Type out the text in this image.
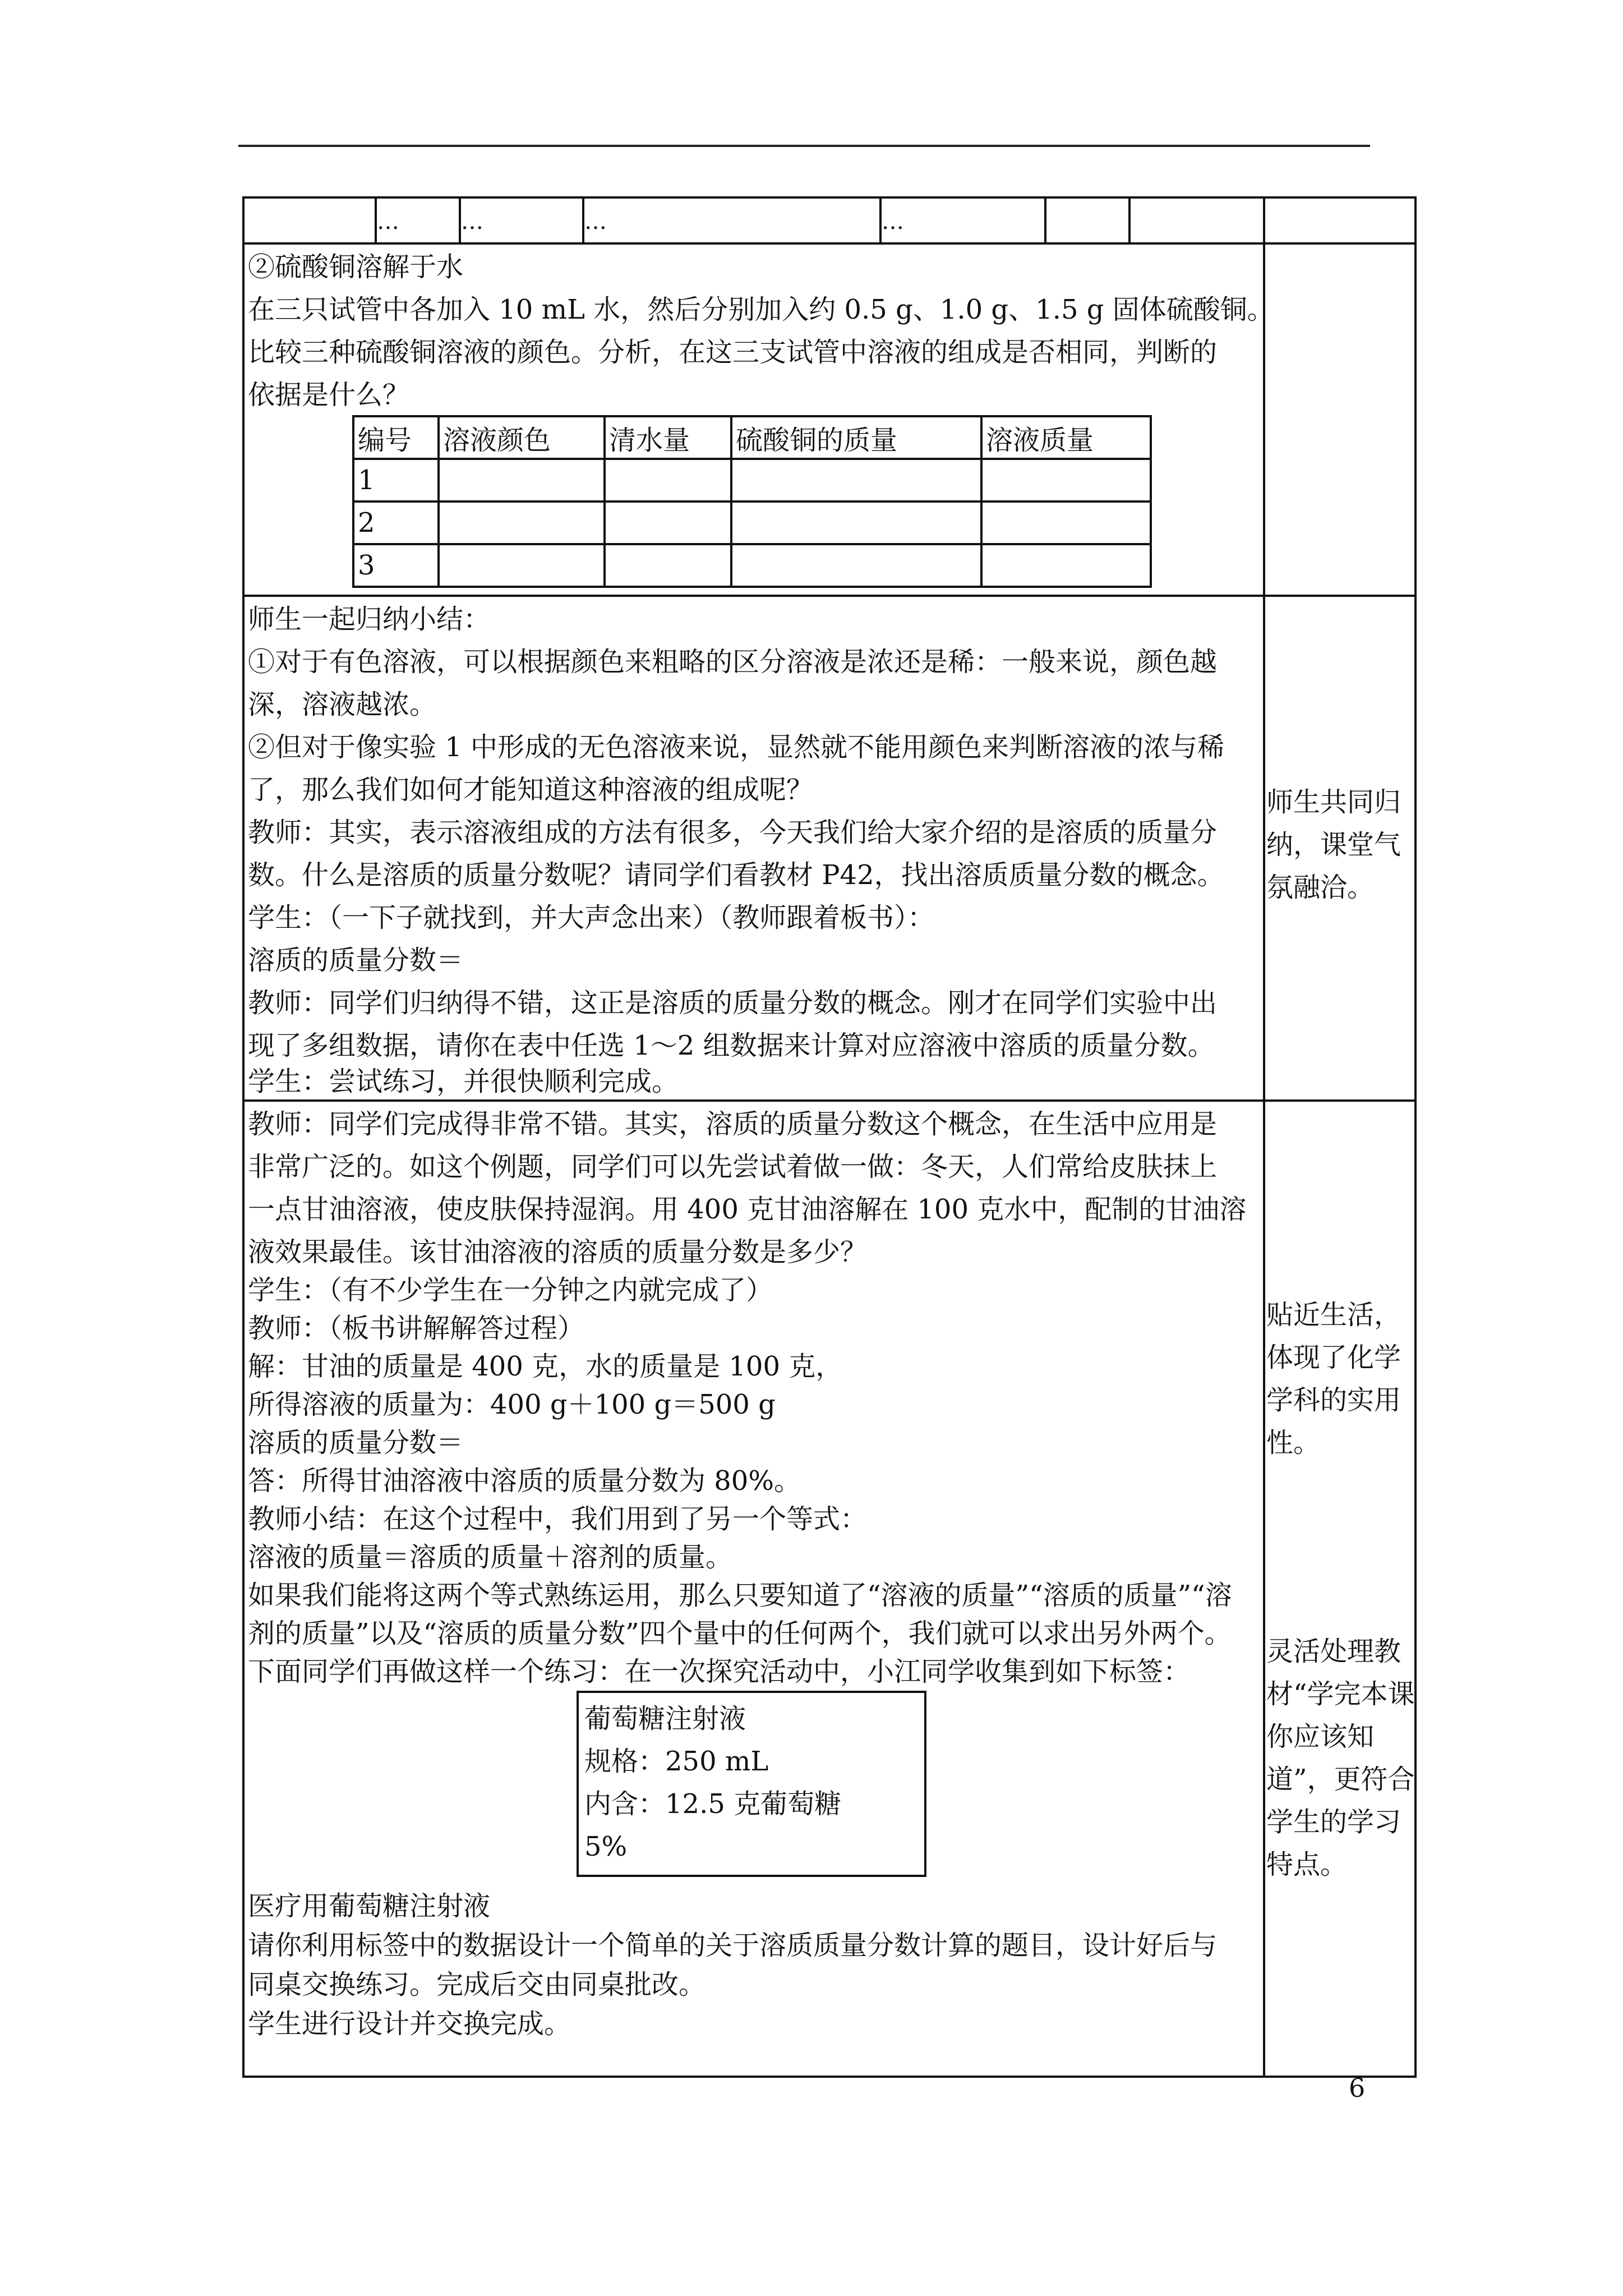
…	…	…	…
②硫酸铜溶解于水
在三只试管中各加入 10 mL 水，然后分别加入约 0.5 g、1.0 g、1.5 g 固体硫酸铜。
比较三种硫酸铜溶液的颜色。分析，在这三支试管中溶液的组成是否相同，判断的
依据是什么？
编号	溶液颜色	清水量	硫酸铜的质量	溶液质量
1				
2				
3				
师生一起归纳小结：
①对于有色溶液，可以根据颜色来粗略的区分溶液是浓还是稀：一般来说，颜色越
深，溶液越浓。
②但对于像实验 1 中形成的无色溶液来说，显然就不能用颜色来判断溶液的浓与稀
了，那么我们如何才能知道这种溶液的组成呢？
教师：其实，表示溶液组成的方法有很多，今天我们给大家介绍的是溶质的质量分
数。什么是溶质的质量分数呢？请同学们看教材 P42，找出溶质质量分数的概念。
学生：（一下子就找到，并大声念出来）（教师跟着板书）：
溶质的质量分数＝
教师：同学们归纳得不错，这正是溶质的质量分数的概念。刚才在同学们实验中出
现了多组数据，请你在表中任选 1～2 组数据来计算对应溶液中溶质的质量分数。
学生：尝试练习，并很快顺利完成。
师生共同归纳，课堂气氛融洽。
教师：同学们完成得非常不错。其实，溶质的质量分数这个概念，在生活中应用是
非常广泛的。如这个例题，同学们可以先尝试着做一做：冬天，人们常给皮肤抹上
一点甘油溶液，使皮肤保持湿润。用 400 克甘油溶解在 100 克水中，配制的甘油溶
液效果最佳。该甘油溶液的溶质的质量分数是多少？
学生：（有不少学生在一分钟之内就完成了）
教师：（板书讲解解答过程）
解：甘油的质量是 400 克，水的质量是 100 克，
所得溶液的质量为：400 g＋100 g＝500 g
溶质的质量分数＝
答：所得甘油溶液中溶质的质量分数为 80%。
教师小结：在这个过程中，我们用到了另一个等式：
溶液的质量＝溶质的质量＋溶剂的质量。
如果我们能将这两个等式熟练运用，那么只要知道了“溶液的质量”“溶质的质量”“溶
剂的质量”以及“溶质的质量分数”四个量中的任何两个，我们就可以求出另外两个。
下面同学们再做这样一个练习：在一次探究活动中，小江同学收集到如下标签：
葡萄糖注射液
规格：250 mL
内含：12.5 克葡萄糖
5%
医疗用葡萄糖注射液
请你利用标签中的数据设计一个简单的关于溶质质量分数计算的题目，设计好后与
同桌交换练习。完成后交由同桌批改。
学生进行设计并交换完成。
贴近生活，体现了化学学科的实用性。
灵活处理教材“学完本课你应该知道”，更符合学生的学习特点。
6
